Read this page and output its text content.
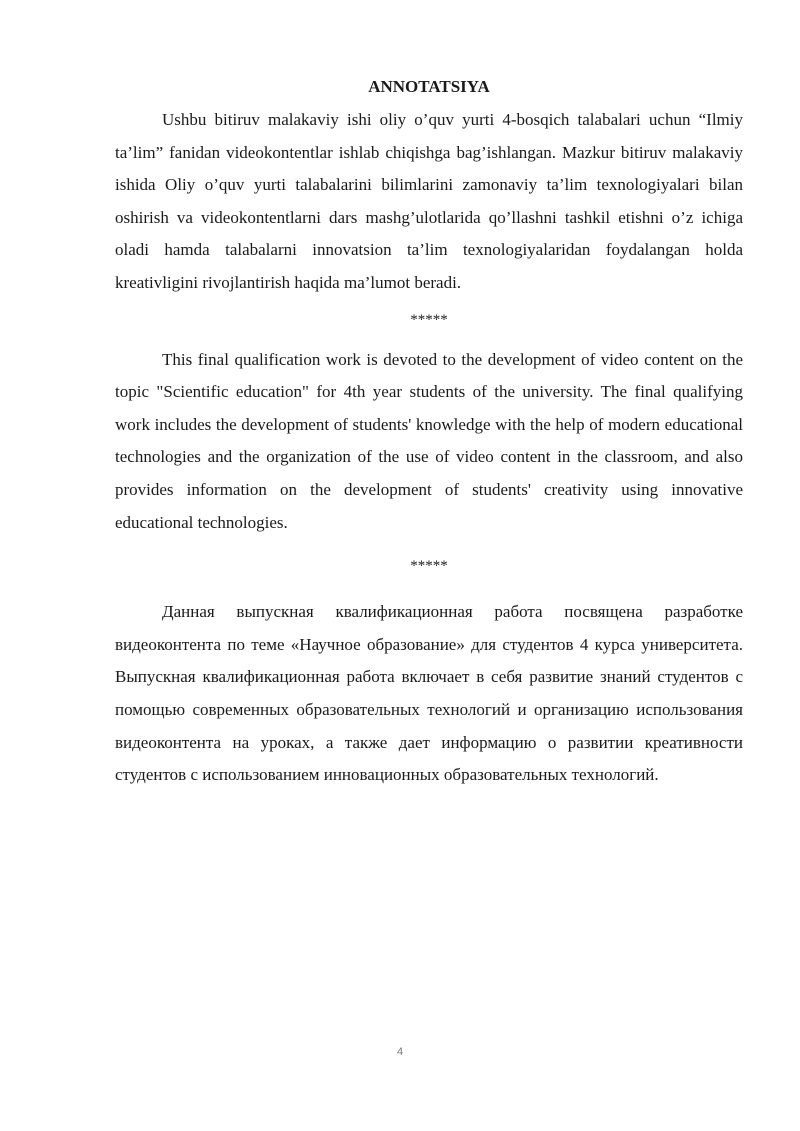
ANNOTATSIYA

Ushbu bitiruv malakaviy ishi oliy o’quv yurti 4-bosqich talabalari uchun “Ilmiy ta’lim” fanidan videokontentlar ishlab chiqishga bag’ishlangan. Mazkur bitiruv malakaviy ishida Oliy o’quv yurti talabalarini bilimlarini zamonaviy ta’lim texnologiyalari bilan oshirish va videokontentlarni dars mashg’ulotlarida qo’llashni tashkil etishni o’z ichiga oladi hamda talabalarni innovatsion ta’lim texnologiyalaridan foydalangan holda kreativligini rivojlantirish haqida ma’lumot beradi.

*****

This final qualification work is devoted to the development of video content on the topic "Scientific education" for 4th year students of the university. The final qualifying work includes the development of students' knowledge with the help of modern educational technologies and the organization of the use of video content in the classroom, and also provides information on the development of students' creativity using innovative educational technologies.

*****

Данная выпускная квалификационная работа посвящена разработке видеоконтента по теме «Научное образование» для студентов 4 курса университета. Выпускная квалификационная работа включает в себя развитие знаний студентов с помощью современных образовательных технологий и организацию использования видеоконтента на уроках, а также дает информацию о развитии креативности студентов с использованием инновационных образовательных технологий.

4
